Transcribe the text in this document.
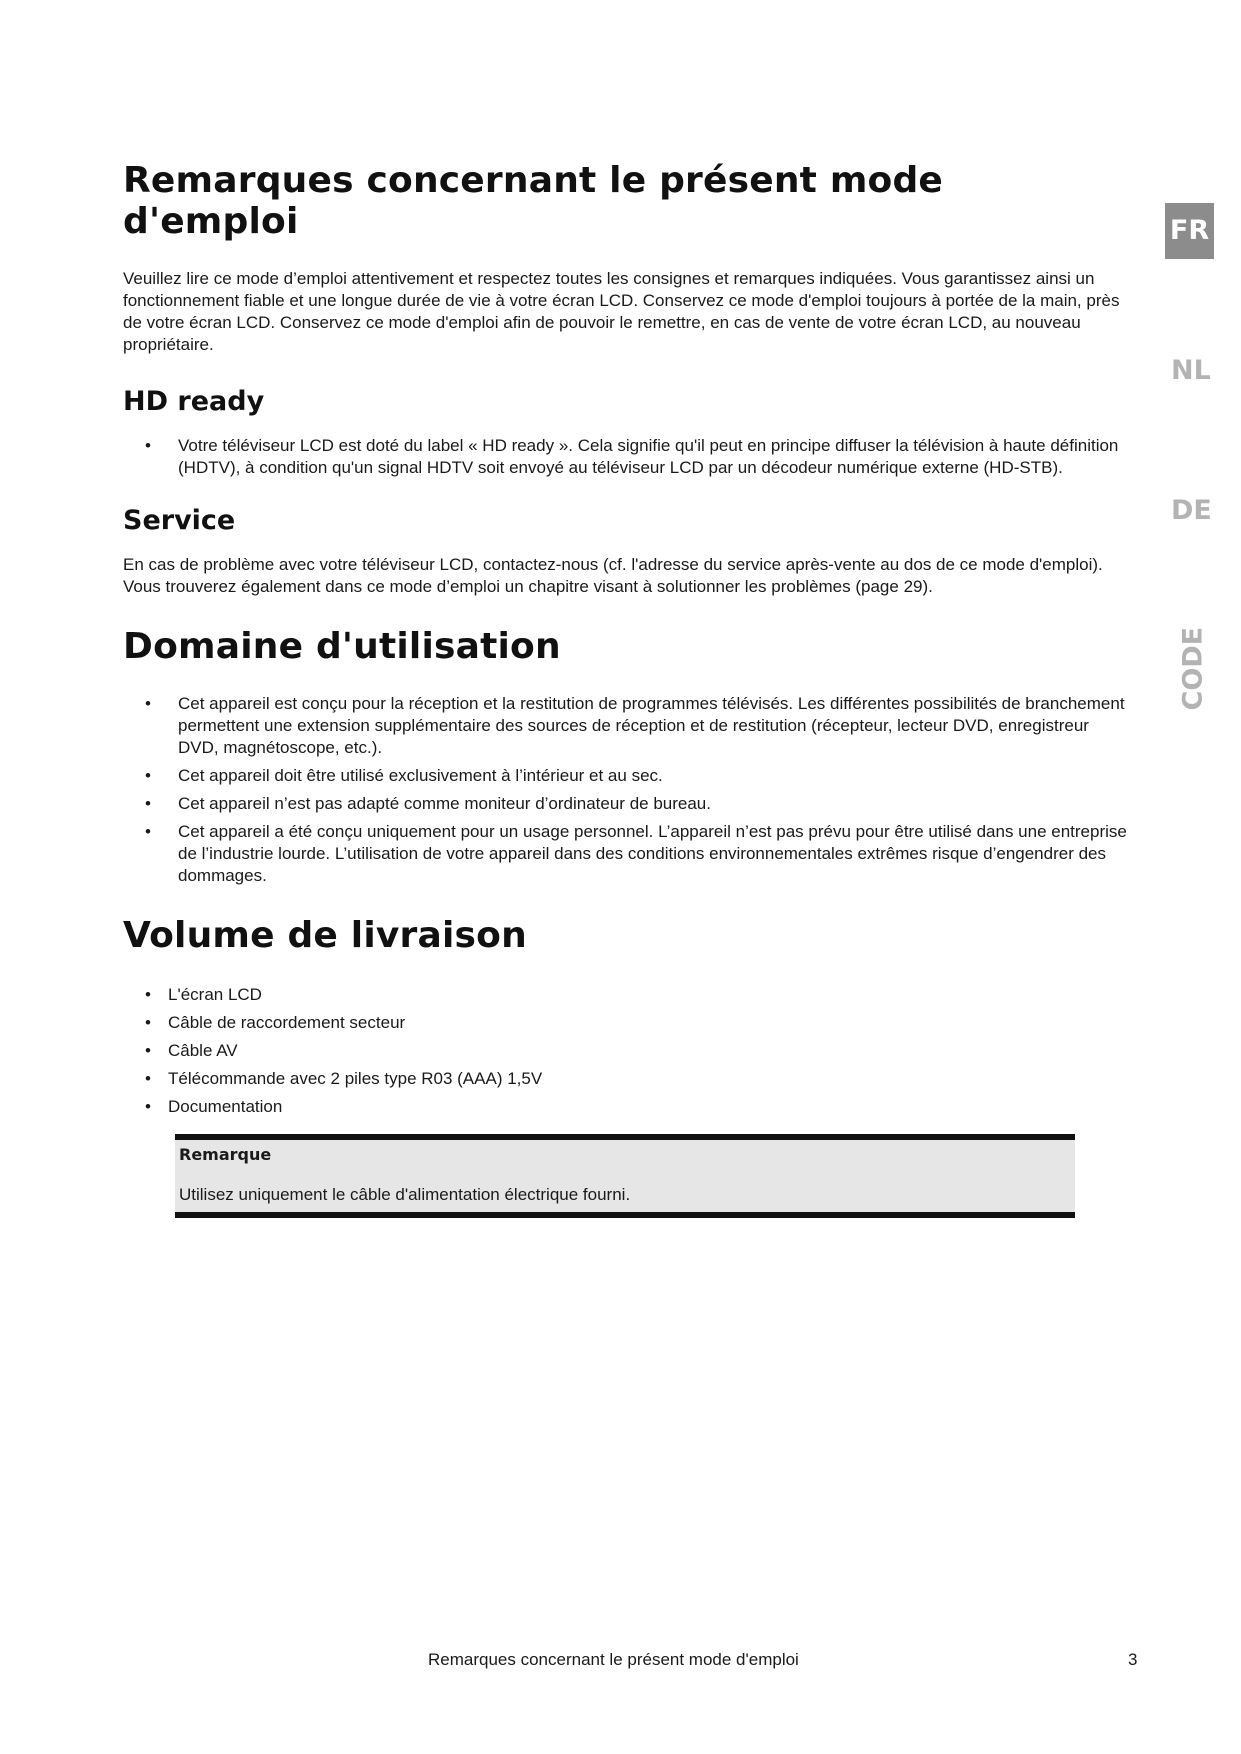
Remarques concernant le présent mode d'emploi

Veuillez lire ce mode d’emploi attentivement et respectez toutes les consignes et remarques indiquées. Vous garantissez ainsi un fonctionnement fiable et une longue durée de vie à votre écran LCD. Conservez ce mode d'emploi toujours à portée de la main, près de votre écran LCD. Conservez ce mode d'emploi afin de pouvoir le remettre, en cas de vente de votre écran LCD, au nouveau propriétaire.

HD ready
• Votre téléviseur LCD est doté du label « HD ready ». Cela signifie qu'il peut en principe diffuser la télévision à haute définition (HDTV), à condition qu'un signal HDTV soit envoyé au téléviseur LCD par un décodeur numérique externe (HD-STB).
Service

En cas de problème avec votre téléviseur LCD, contactez-nous (cf. l'adresse du service après-vente au dos de ce mode d'emploi). Vous trouverez également dans ce mode d’emploi un chapitre visant à solutionner les problèmes (page 29).

Domaine d'utilisation
• Cet appareil est conçu pour la réception et la restitution de programmes télévisés. Les différentes possibilités de branchement permettent une extension supplémentaire des sources de réception et de restitution (récepteur, lecteur DVD, enregistreur DVD, magnétoscope, etc.).
• Cet appareil doit être utilisé exclusivement à l’intérieur et au sec.
• Cet appareil n’est pas adapté comme moniteur d’ordinateur de bureau.
• Cet appareil a été conçu uniquement pour un usage personnel. L’appareil n’est pas prévu pour être utilisé dans une entreprise de l’industrie lourde. L’utilisation de votre appareil dans des conditions environnementales extrêmes risque d’engendrer des dommages.
Volume de livraison
• L'écran LCD
• Câble de raccordement secteur
• Câble AV
• Télécommande avec 2 piles type R03 (AAA) 1,5V
• Documentation

Remarque

Utilisez uniquement le câble d'alimentation électrique fourni.

FR
NL
DE
CODE
Remarques concernant le présent mode d'emploi	3
